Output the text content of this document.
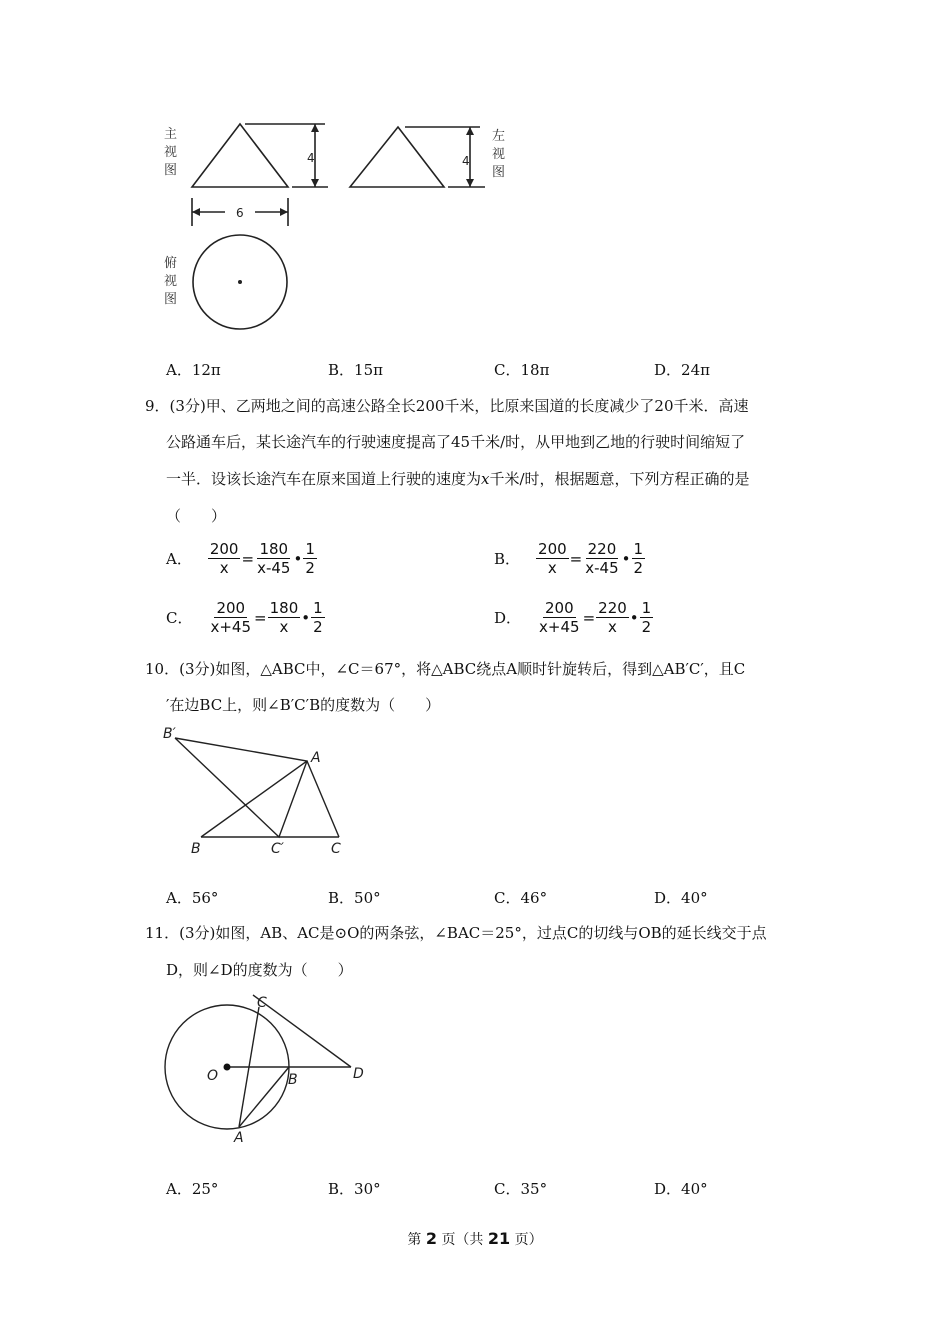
主
视
图
左
视
图
俯
视
图
4	4
6
A．12π	B．15π	C．18π	D．24π
9．(3分)甲、乙两地之间的高速公路全长200千米，比原来国道的长度减少了20千米．高速
公路通车后，某长途汽车的行驶速度提高了45千米/时，从甲地到乙地的行驶时间缩短了
一半．设该长途汽车在原来国道上行驶的速度为x千米/时，根据题意，下列方程正确的是
（　　）
A． $\frac{200}{x} = \frac{180}{x-45}$ • $\frac{1}{2}$	B． $\frac{200}{x} = \frac{220}{x-45}$ • $\frac{1}{2}$
C． $\frac{200}{x+45} = \frac{180}{x}$ • $\frac{1}{2}$	D． $\frac{200}{x+45} = \frac{220}{x}$ • $\frac{1}{2}$
10．(3分)如图，△ABC中，∠C＝67°，将△ABC绕点A顺时针旋转后，得到△AB′C′，且C
′在边BC上，则∠B′C′B的度数为（　　）
B′
A
B	C′	C
A．56°	B．50°	C．46°	D．40°
11．(3分)如图，AB、AC是⊙O的两条弦，∠BAC＝25°，过点C的切线与OB的延长线交于点
D，则∠D的度数为（　　）
C
O	B	D
A
A．25°	B．30°	C．35°	D．40°
第 2 页（共 21 页）
